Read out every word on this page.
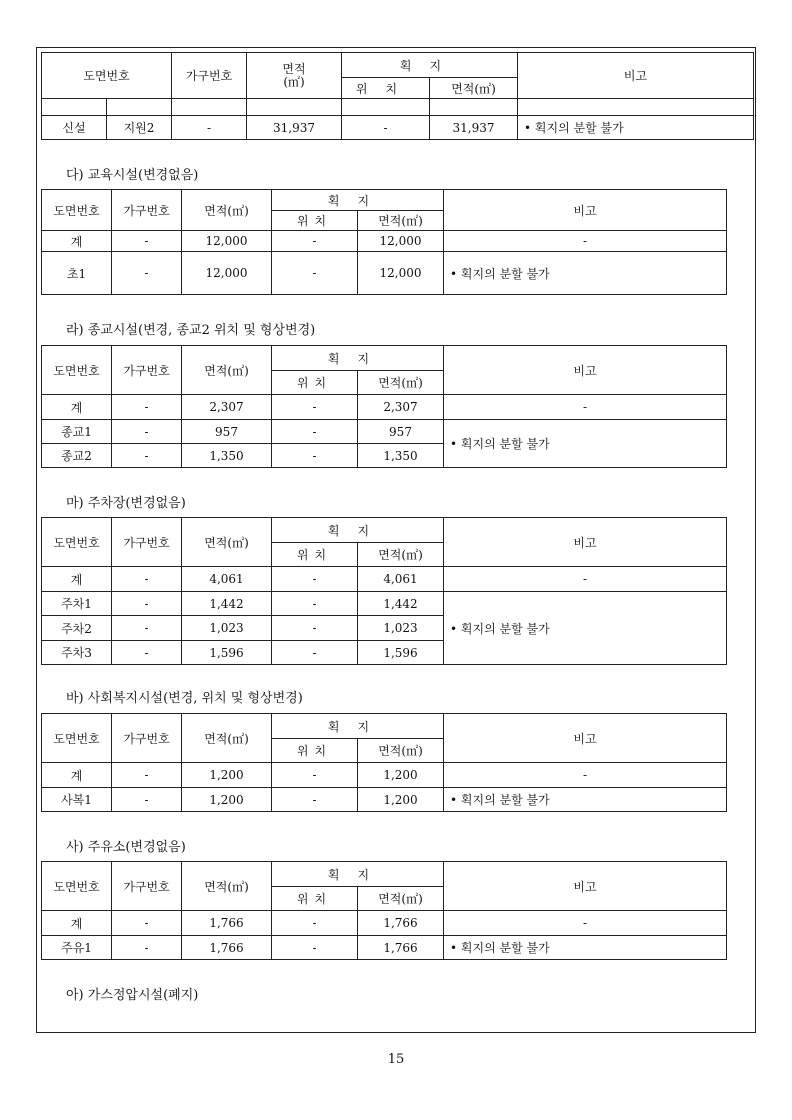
도면번호		가구번호	면적
(㎡)	획지		비고
				위치	면적(㎡)	

신설	지원2	-	31,937	-	31,937	• 획지의 분할 불가
다) 교육시설(변경없음)
도면번호	가구번호	면적(㎡)	획지		비고
			위치	면적(㎡)	
계	-	12,000	-	12,000	-
초1	-	12,000	-	12,000	• 획지의 분할 불가
라) 종교시설(변경, 종교2 위치 및 형상변경)
도면번호	가구번호	면적(㎡)	획지		비고
			위치	면적(㎡)	
계	-	2,307	-	2,307	-
종교1	-	957	-	957	• 획지의 분할 불가
종교2	-	1,350	-	1,350	
마) 주차장(변경없음)
도면번호	가구번호	면적(㎡)	획지		비고
			위치	면적(㎡)	
계	-	4,061	-	4,061	-
주차1	-	1,442	-	1,442	• 획지의 분할 불가
주차2	-	1,023	-	1,023	
주차3	-	1,596	-	1,596	
바) 사회복지시설(변경, 위치 및 형상변경)
도면번호	가구번호	면적(㎡)	획지		비고
			위치	면적(㎡)	
계	-	1,200	-	1,200	-
사복1	-	1,200	-	1,200	• 획지의 분할 불가
사) 주유소(변경없음)
도면번호	가구번호	면적(㎡)	획지		비고
			위치	면적(㎡)	
계	-	1,766	-	1,766	-
주유1	-	1,766	-	1,766	• 획지의 분할 불가
아) 가스정압시설(폐지)
15
